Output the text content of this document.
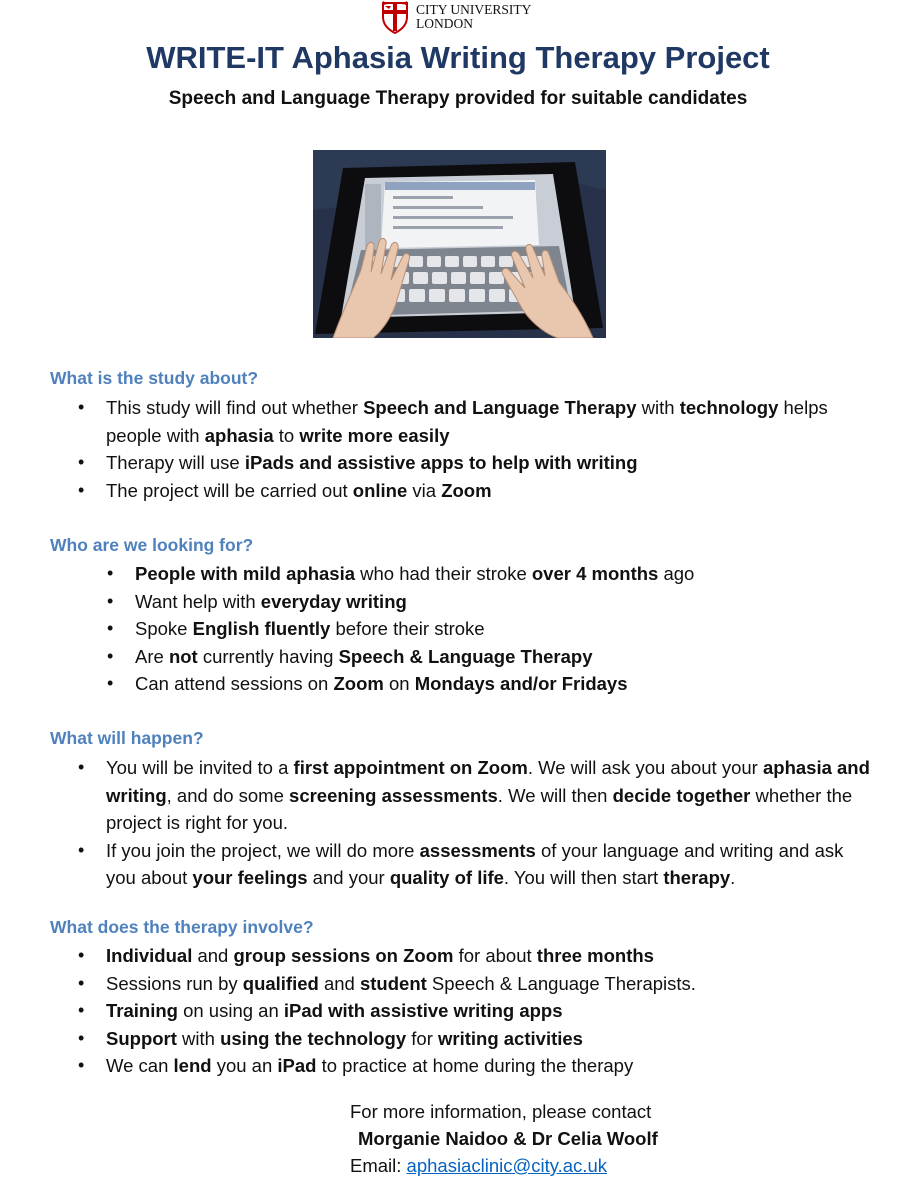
CITY UNIVERSITY
LONDON
WRITE-IT Aphasia Writing Therapy Project
Speech and Language Therapy provided for suitable candidates
What is the study about?
• This study will find out whether Speech and Language Therapy with technology helps people with aphasia to write more easily
• Therapy will use iPads and assistive apps to help with writing
• The project will be carried out online via Zoom
Who are we looking for?
• People with mild aphasia who had their stroke over 4 months ago
• Want help with everyday writing
• Spoke English fluently before their stroke
• Are not currently having Speech & Language Therapy
• Can attend sessions on Zoom on Mondays and/or Fridays
What will happen?
• You will be invited to a first appointment on Zoom. We will ask you about your aphasia and writing, and do some screening assessments. We will then decide together whether the project is right for you.
• If you join the project, we will do more assessments of your language and writing and ask you about your feelings and your quality of life. You will then start therapy.
What does the therapy involve?
• Individual and group sessions on Zoom for about three months
• Sessions run by qualified and student Speech & Language Therapists.
• Training on using an iPad with assistive writing apps
• Support with using the technology for writing activities
• We can lend you an iPad to practice at home during the therapy
For more information, please contact
Morganie Naidoo & Dr Celia Woolf
Email: aphasiaclinic@city.ac.uk
